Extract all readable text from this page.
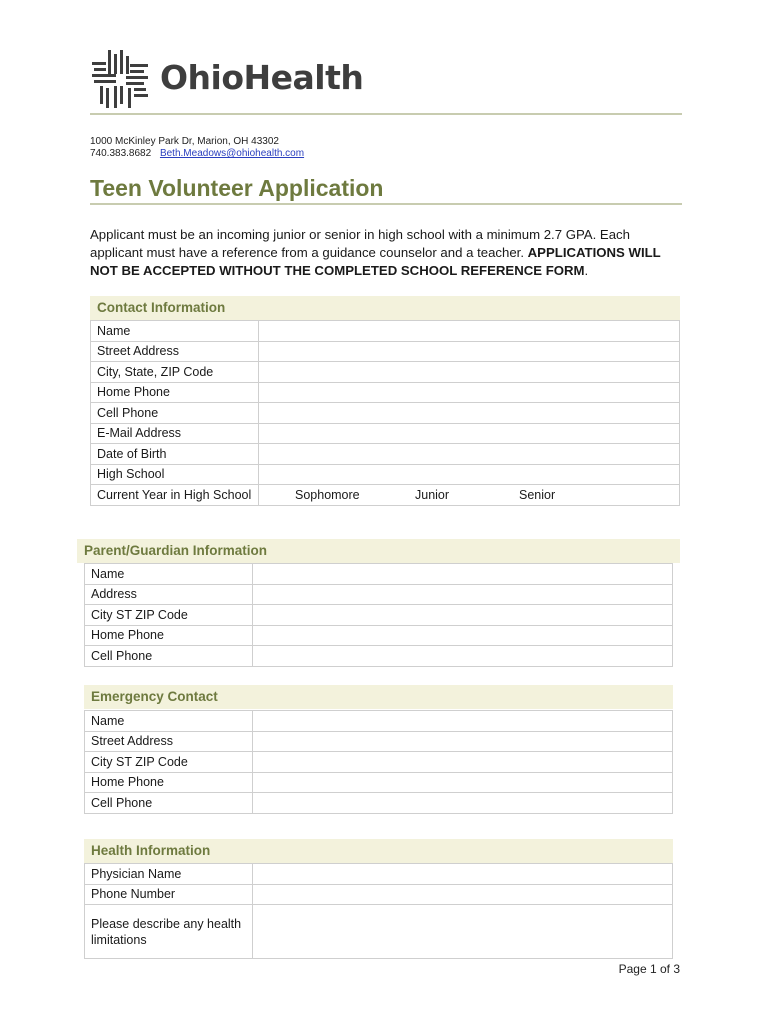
OhioHealth
1000 McKinley Park Dr, Marion, OH 43302
740.383.8682 Beth.Meadows@ohiohealth.com
Teen Volunteer Application
Applicant must be an incoming junior or senior in high school with a minimum 2.7 GPA. Each applicant must have a reference from a guidance counselor and a teacher. APPLICATIONS WILL NOT BE ACCEPTED WITHOUT THE COMPLETED SCHOOL REFERENCE FORM.
Contact Information
Name	
Street Address	
City, State, ZIP Code	
Home Phone	
Cell Phone	
E-Mail Address	
Date of Birth	
High School	
Current Year in High School	Sophomore Junior Senior
Parent/Guardian Information
Name	
Address	
City ST ZIP Code	
Home Phone	
Cell Phone	
Emergency Contact
Name	
Street Address	
City ST ZIP Code	
Home Phone	
Cell Phone	
Health Information
Physician Name	
Phone Number	
Please describe any health limitations	
Page 1 of 3
